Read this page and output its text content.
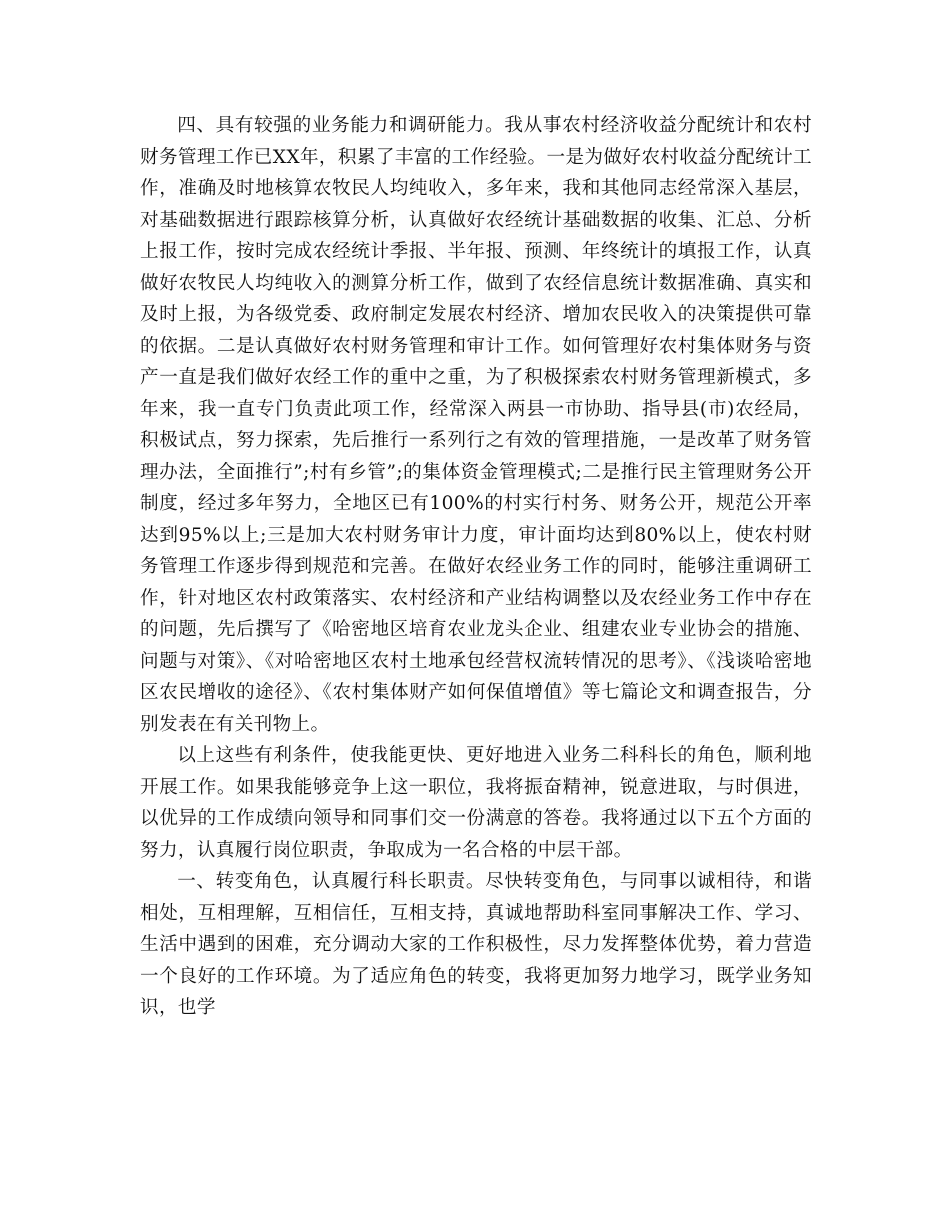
四、具有较强的业务能力和调研能力。我从事农村经济收益分配统计和农村财务管理工作已XX年，积累了丰富的工作经验。一是为做好农村收益分配统计工作，准确及时地核算农牧民人均纯收入，多年来，我和其他同志经常深入基层，对基础数据进行跟踪核算分析，认真做好农经统计基础数据的收集、汇总、分析上报工作，按时完成农经统计季报、半年报、预测、年终统计的填报工作，认真做好农牧民人均纯收入的测算分析工作，做到了农经信息统计数据准确、真实和及时上报，为各级党委、政府制定发展农村经济、增加农民收入的决策提供可靠的依据。二是认真做好农村财务管理和审计工作。如何管理好农村集体财务与资产一直是我们做好农经工作的重中之重，为了积极探索农村财务管理新模式，多年来，我一直专门负责此项工作，经常深入两县一市协助、指导县(市)农经局，积极试点，努力探索，先后推行一系列行之有效的管理措施，一是改革了财务管理办法，全面推行”;村有乡管”;的集体资金管理模式;二是推行民主管理财务公开制度，经过多年努力，全地区已有100%的村实行村务、财务公开，规范公开率达到95%以上;三是加大农村财务审计力度，审计面均达到80%以上，使农村财务管理工作逐步得到规范和完善。在做好农经业务工作的同时，能够注重调研工作，针对地区农村政策落实、农村经济和产业结构调整以及农经业务工作中存在的问题，先后撰写了《哈密地区培育农业龙头企业、组建农业专业协会的措施、问题与对策》、《对哈密地区农村土地承包经营权流转情况的思考》、《浅谈哈密地区农民增收的途径》、《农村集体财产如何保值增值》等七篇论文和调查报告，分别发表在有关刊物上。

以上这些有利条件，使我能更快、更好地进入业务二科科长的角色，顺利地开展工作。如果我能够竞争上这一职位，我将振奋精神，锐意进取，与时俱进，以优异的工作成绩向领导和同事们交一份满意的答卷。我将通过以下五个方面的努力，认真履行岗位职责，争取成为一名合格的中层干部。

一、转变角色，认真履行科长职责。尽快转变角色，与同事以诚相待，和谐相处，互相理解，互相信任，互相支持，真诚地帮助科室同事解决工作、学习、生活中遇到的困难，充分调动大家的工作积极性，尽力发挥整体优势，着力营造一个良好的工作环境。为了适应角色的转变，我将更加努力地学习，既学业务知识，也学
